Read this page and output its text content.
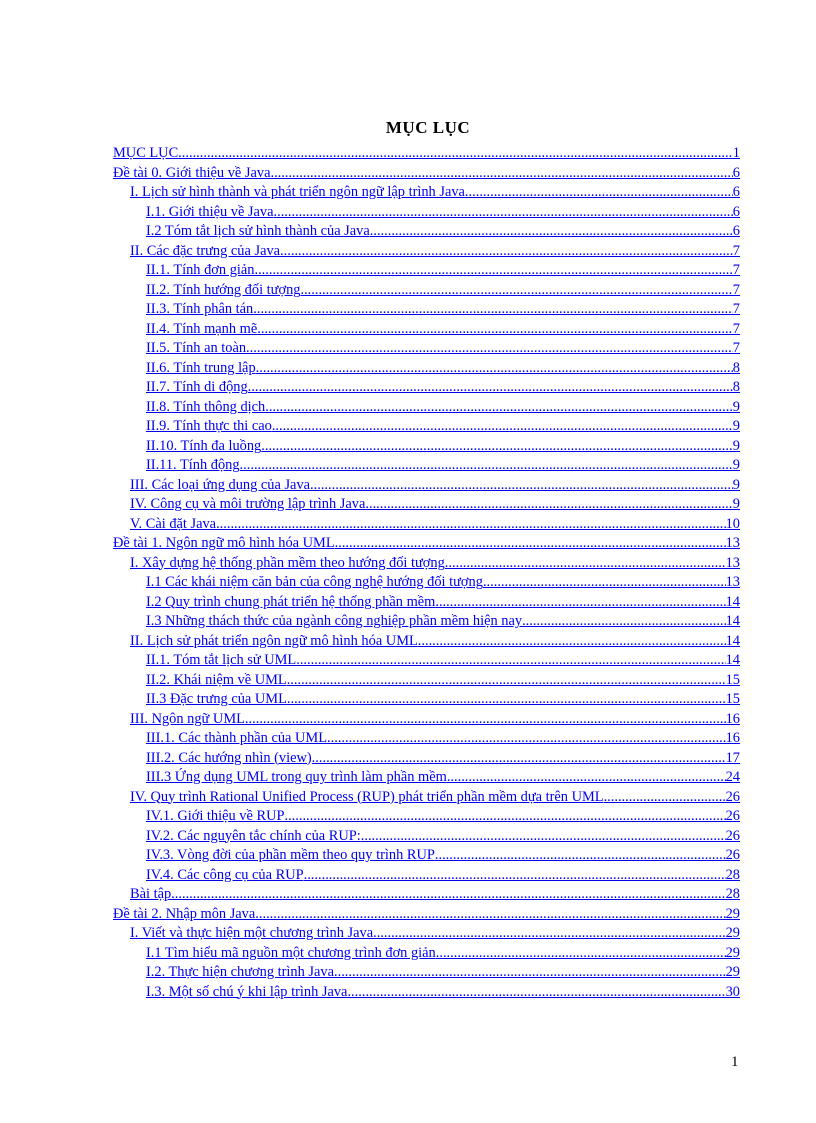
MỤC LỤC
MỤC LỤC .....	1
Đề tài 0. Giới thiệu về Java .....	6
I. Lịch sử hình thành và phát triển ngôn ngữ lập trình Java .....	6
I.1. Giới thiệu về Java .....	6
I.2 Tóm tắt lịch sử hình thành của Java .....	6
II. Các đặc trưng của Java .....	7
II.1. Tính đơn giản .....	7
II.2. Tính hướng đối tượng .....	7
II.3. Tính phân tán .....	7
II.4. Tính mạnh mẽ .....	7
II.5. Tính an toàn .....	7
II.6. Tính trung lập .....	8
II.7. Tính di động .....	8
II.8. Tính thông dịch .....	9
II.9. Tính thực thi cao .....	9
II.10. Tính đa luồng .....	9
II.11. Tính động .....	9
III. Các loại ứng dụng của Java .....	9
IV. Công cụ và môi trường lập trình Java .....	9
V. Cài đặt Java .....	10
Đề tài 1. Ngôn ngữ mô hình hóa UML .....	13
I. Xây dựng hệ thống phần mềm theo hướng đối tượng .....	13
I.1 Các khái niệm căn bản của công nghệ hướng đối tượng .....	13
I.2 Quy trình chung phát triển hệ thống phần mềm .....	14
I.3 Những thách thức của ngành công nghiệp phần mềm hiện nay .....	14
II. Lịch sử phát triển ngôn ngữ mô hình hóa UML .....	14
II.1. Tóm tắt lịch sử UML .....	14
II.2. Khái niệm về UML .....	15
II.3 Đặc trưng của UML .....	15
III. Ngôn ngữ UML .....	16
III.1. Các thành phần của UML .....	16
III.2. Các hướng nhìn (view) .....	17
III.3 Ứng dụng UML trong quy trình làm phần mềm .....	24
IV. Quy trình Rational Unified Process (RUP) phát triển phần mềm dựa trên UML .....	26
IV.1. Giới thiệu về RUP .....	26
IV.2. Các nguyên tắc chính của RUP: .....	26
IV.3. Vòng đời của phần mềm theo quy trình RUP .....	26
IV.4. Các công cụ của RUP .....	28
Bài tập .....	28
Đề tài 2. Nhập môn Java .....	29
I. Viết và thực hiện một chương trình Java .....	29
I.1 Tìm hiểu mã nguồn một chương trình đơn giản .....	29
I.2. Thực hiện chương trình Java .....	29
I.3. Một số chú ý khi lập trình Java .....	30
1
